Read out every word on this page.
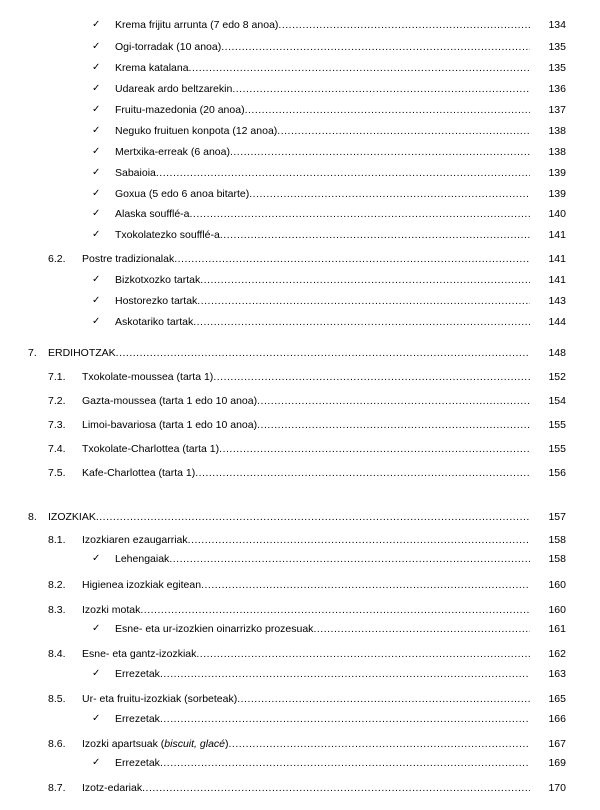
✓ Krema frijitu arrunta (7 edo 8 anoa) .....	134
✓ Ogi-torradak (10 anoa) .....	135
✓ Krema katalana .....	135
✓ Udareak ardo beltzarekin .....	136
✓ Fruitu-mazedonia (20 anoa) .....	137
✓ Neguko fruituen konpota (12 anoa) .....	138
✓ Mertxika-erreak (6 anoa) .....	138
✓ Sabaioia .....	139
✓ Goxua (5 edo 6 anoa bitarte) .....	139
✓ Alaska soufflé-a .....	140
✓ Txokolatezko soufflé-a .....	141
6.2. Postre tradizionalak .....	141
✓ Bizkotxozko tartak .....	141
✓ Hostorezko tartak .....	143
✓ Askotariko tartak .....	144
7. ERDIHOTZAK .....	148
7.1. Txokolate-moussea (tarta 1) .....	152
7.2. Gazta-moussea (tarta 1 edo 10 anoa) .....	154
7.3. Limoi-bavariosa (tarta 1 edo 10 anoa) .....	155
7.4. Txokolate-Charlottea (tarta 1) .....	155
7.5. Kafe-Charlottea (tarta 1) .....	156
8. IZOZKIAK .....	157
8.1. Izozkiaren ezaugarriak .....	158
✓ Lehengaiak .....	158
8.2. Higienea izozkiak egitean .....	160
8.3. Izozki motak .....	160
✓ Esne- eta ur-izozkien oinarrizko prozesuak .....	161
8.4. Esne- eta gantz-izozkiak .....	162
✓ Errezetak .....	163
8.5. Ur- eta fruitu-izozkiak (sorbeteak) .....	165
✓ Errezetak .....	166
8.6. Izozki apartsuak (biscuit, glacé) .....	167
✓ Errezetak .....	169
8.7. Izotz-edariak .....	170
